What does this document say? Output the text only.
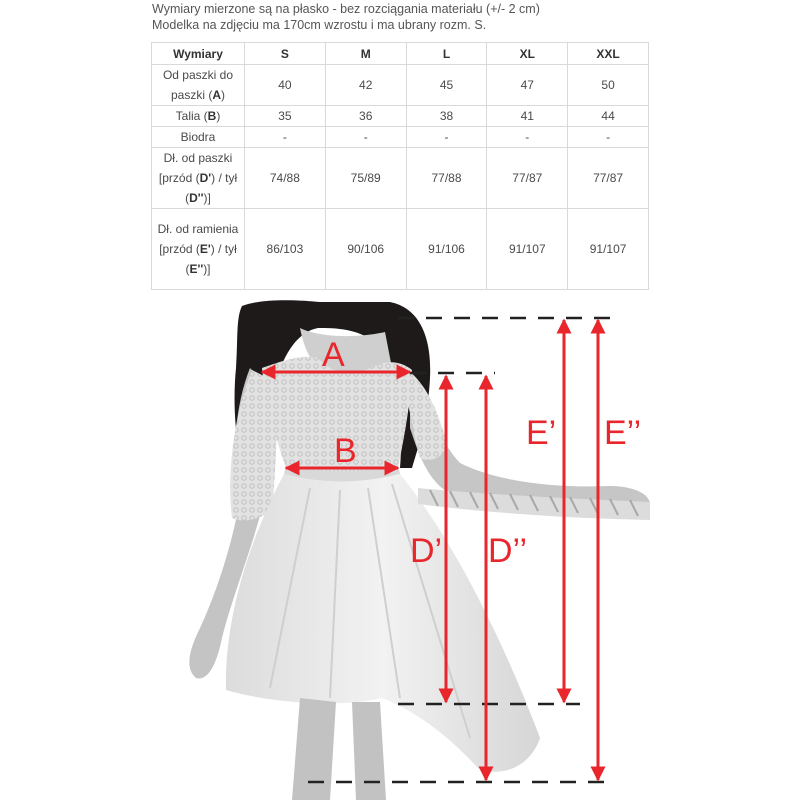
Wymiary mierzone są na płasko - bez rozciągania materiału (+/- 2 cm)
Modelka na zdjęciu ma 170cm wzrostu i ma ubrany rozm. S.
Wymiary	S	M	L	XL	XXL
Od paszki do paszki (A)	40	42	45	47	50
Talia (B)	35	36	38	41	44
Biodra	-	-	-	-	-
Dł. od paszki [przód (D') / tył (D'')]	74/88	75/89	77/88	77/87	77/87
Dł. od ramienia [przód (E') / tył (E'')]	86/103	90/106	91/106	91/107	91/107
A
B
D’ D’’
E’ E’’
